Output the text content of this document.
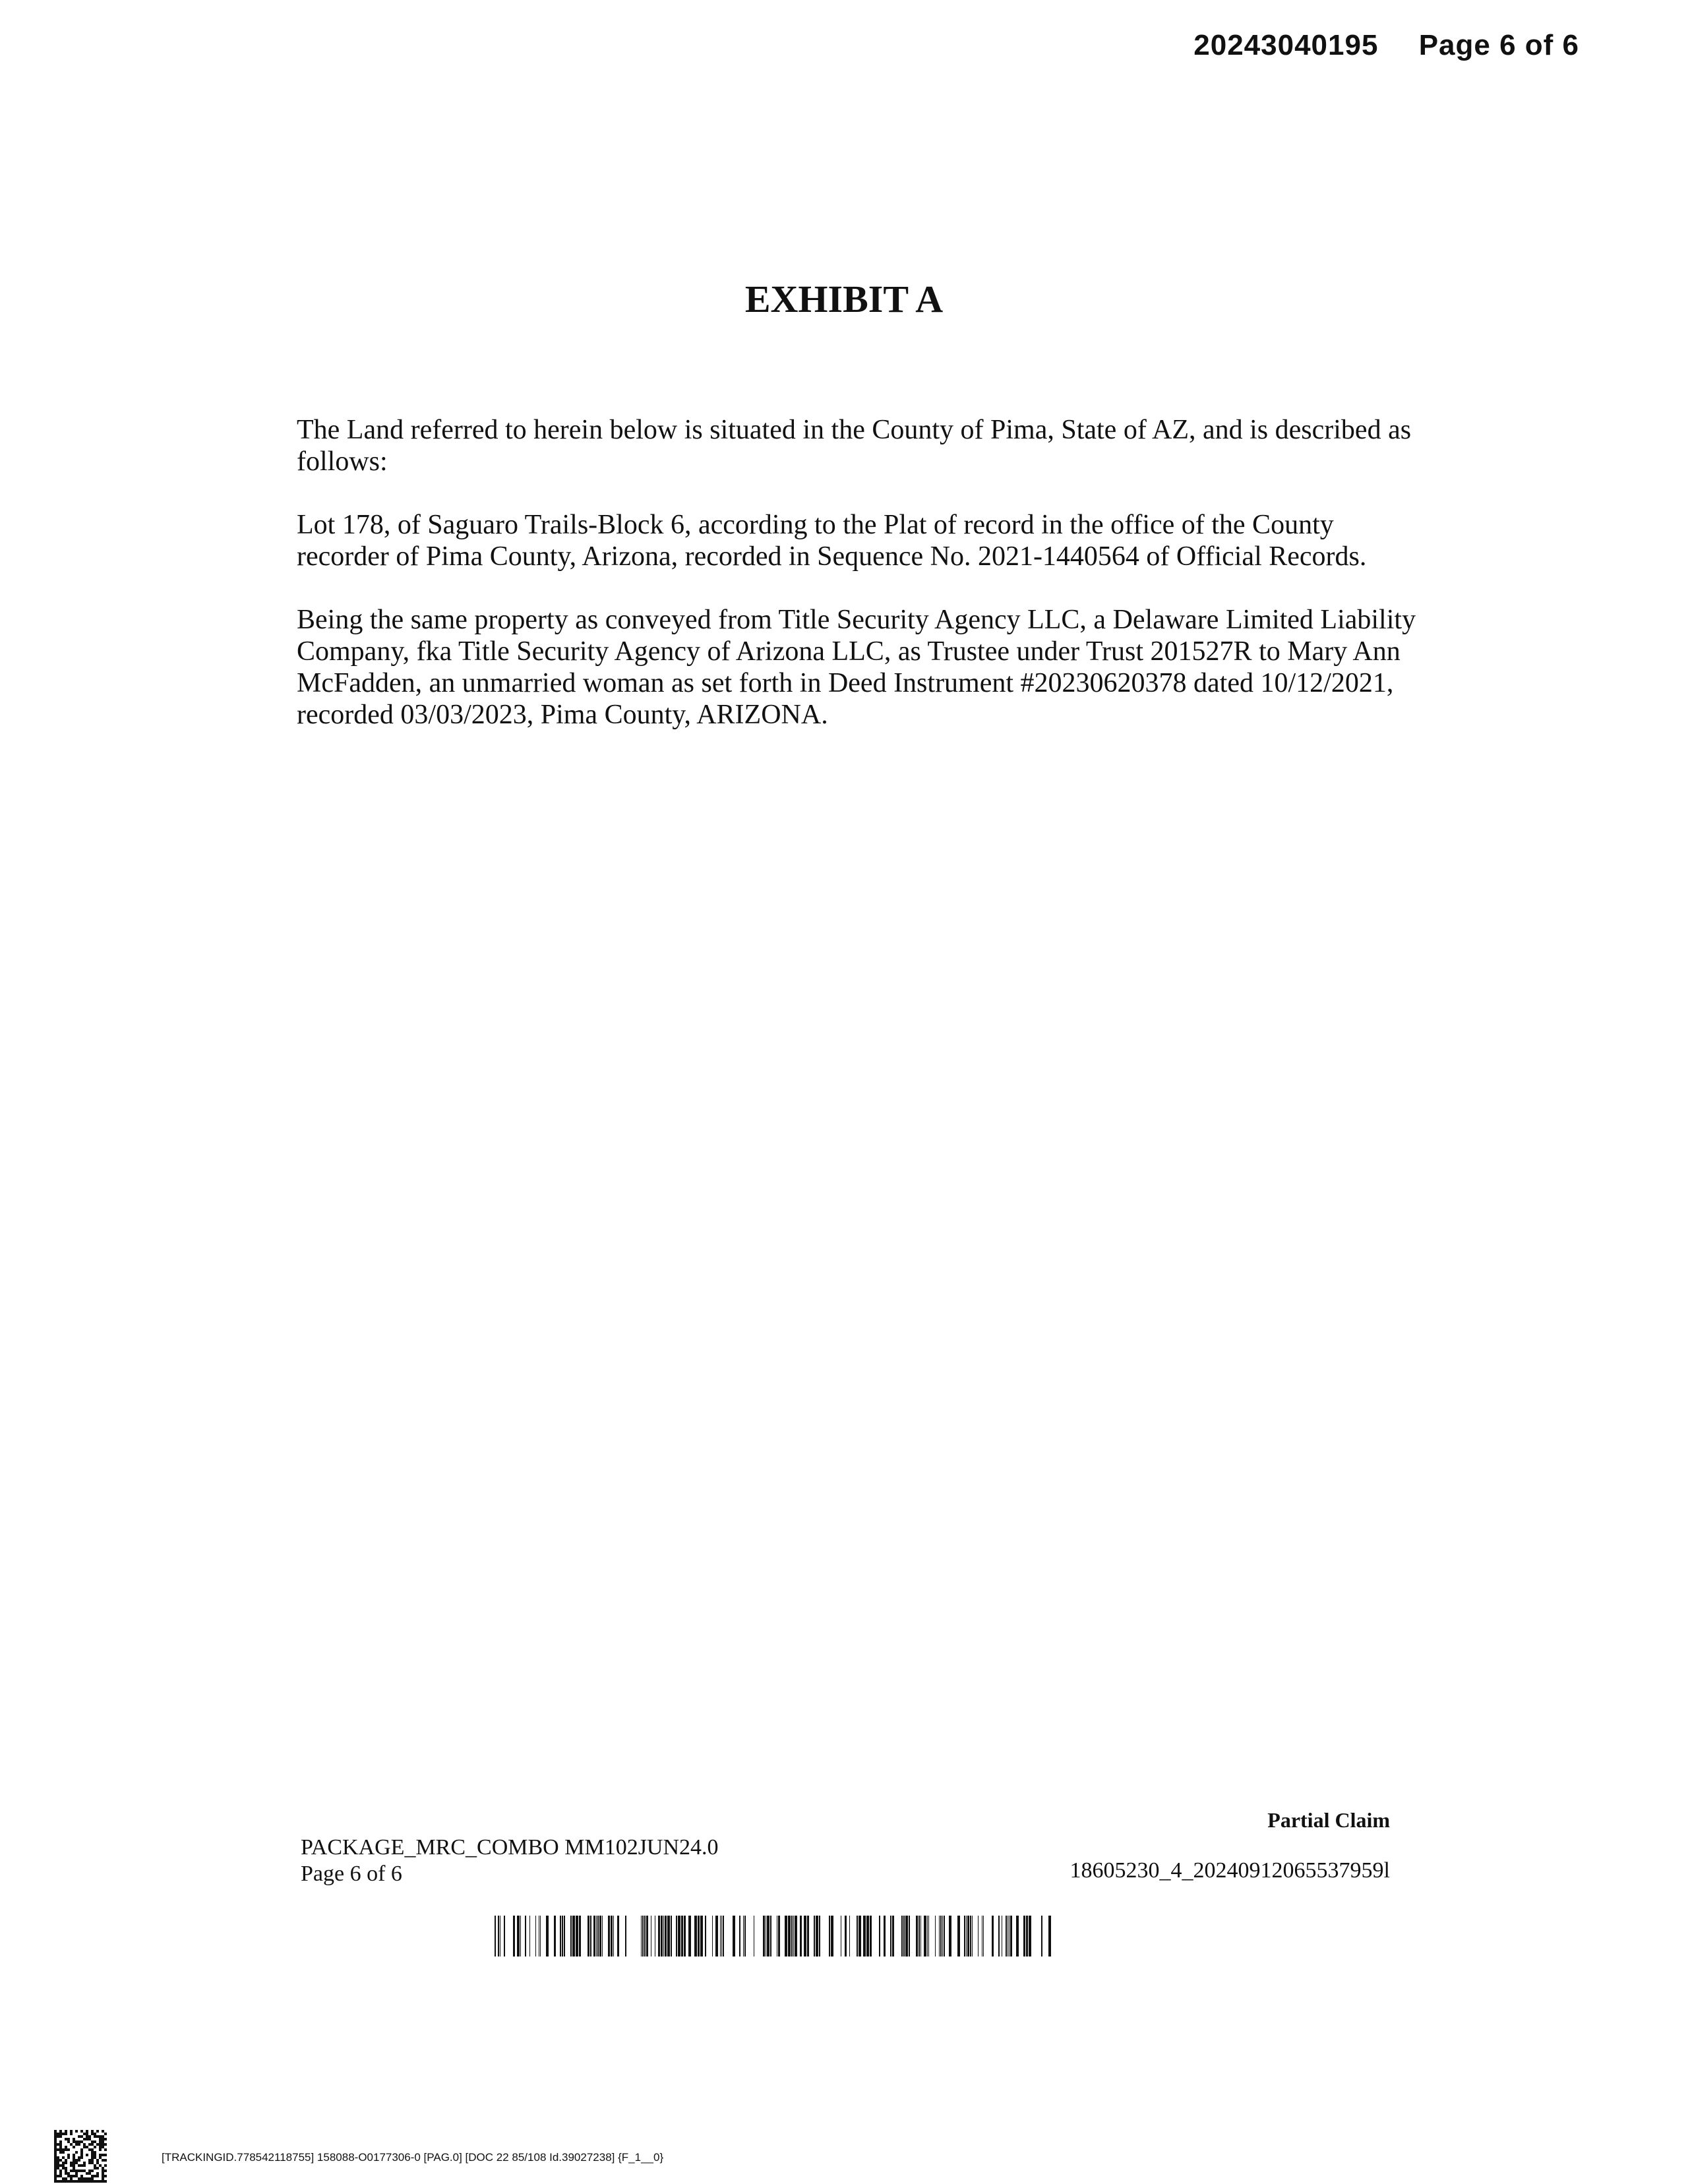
20243040195 Page 6 of 6
EXHIBIT A

The Land referred to herein below is situated in the County of Pima, State of AZ, and is described as follows:

Lot 178, of Saguaro Trails-Block 6, according to the Plat of record in the office of the County recorder of Pima County, Arizona, recorded in Sequence No. 2021-1440564 of Official Records.

Being the same property as conveyed from Title Security Agency LLC, a Delaware Limited Liability Company, fka Title Security Agency of Arizona LLC, as Trustee under Trust 201527R to Mary Ann McFadden, an unmarried woman as set forth in Deed Instrument #20230620378 dated 10/12/2021, recorded 03/03/2023, Pima County, ARIZONA.

PACKAGE_MRC_COMBO MM102JUN24.0
Page 6 of 6
Partial Claim
18605230_4_20240912065537959l
[TRACKINGID.778542118755] 158088-O0177306-0 [PAG.0] [DOC 22 85/108 Id.39027238] {F_1__0}
